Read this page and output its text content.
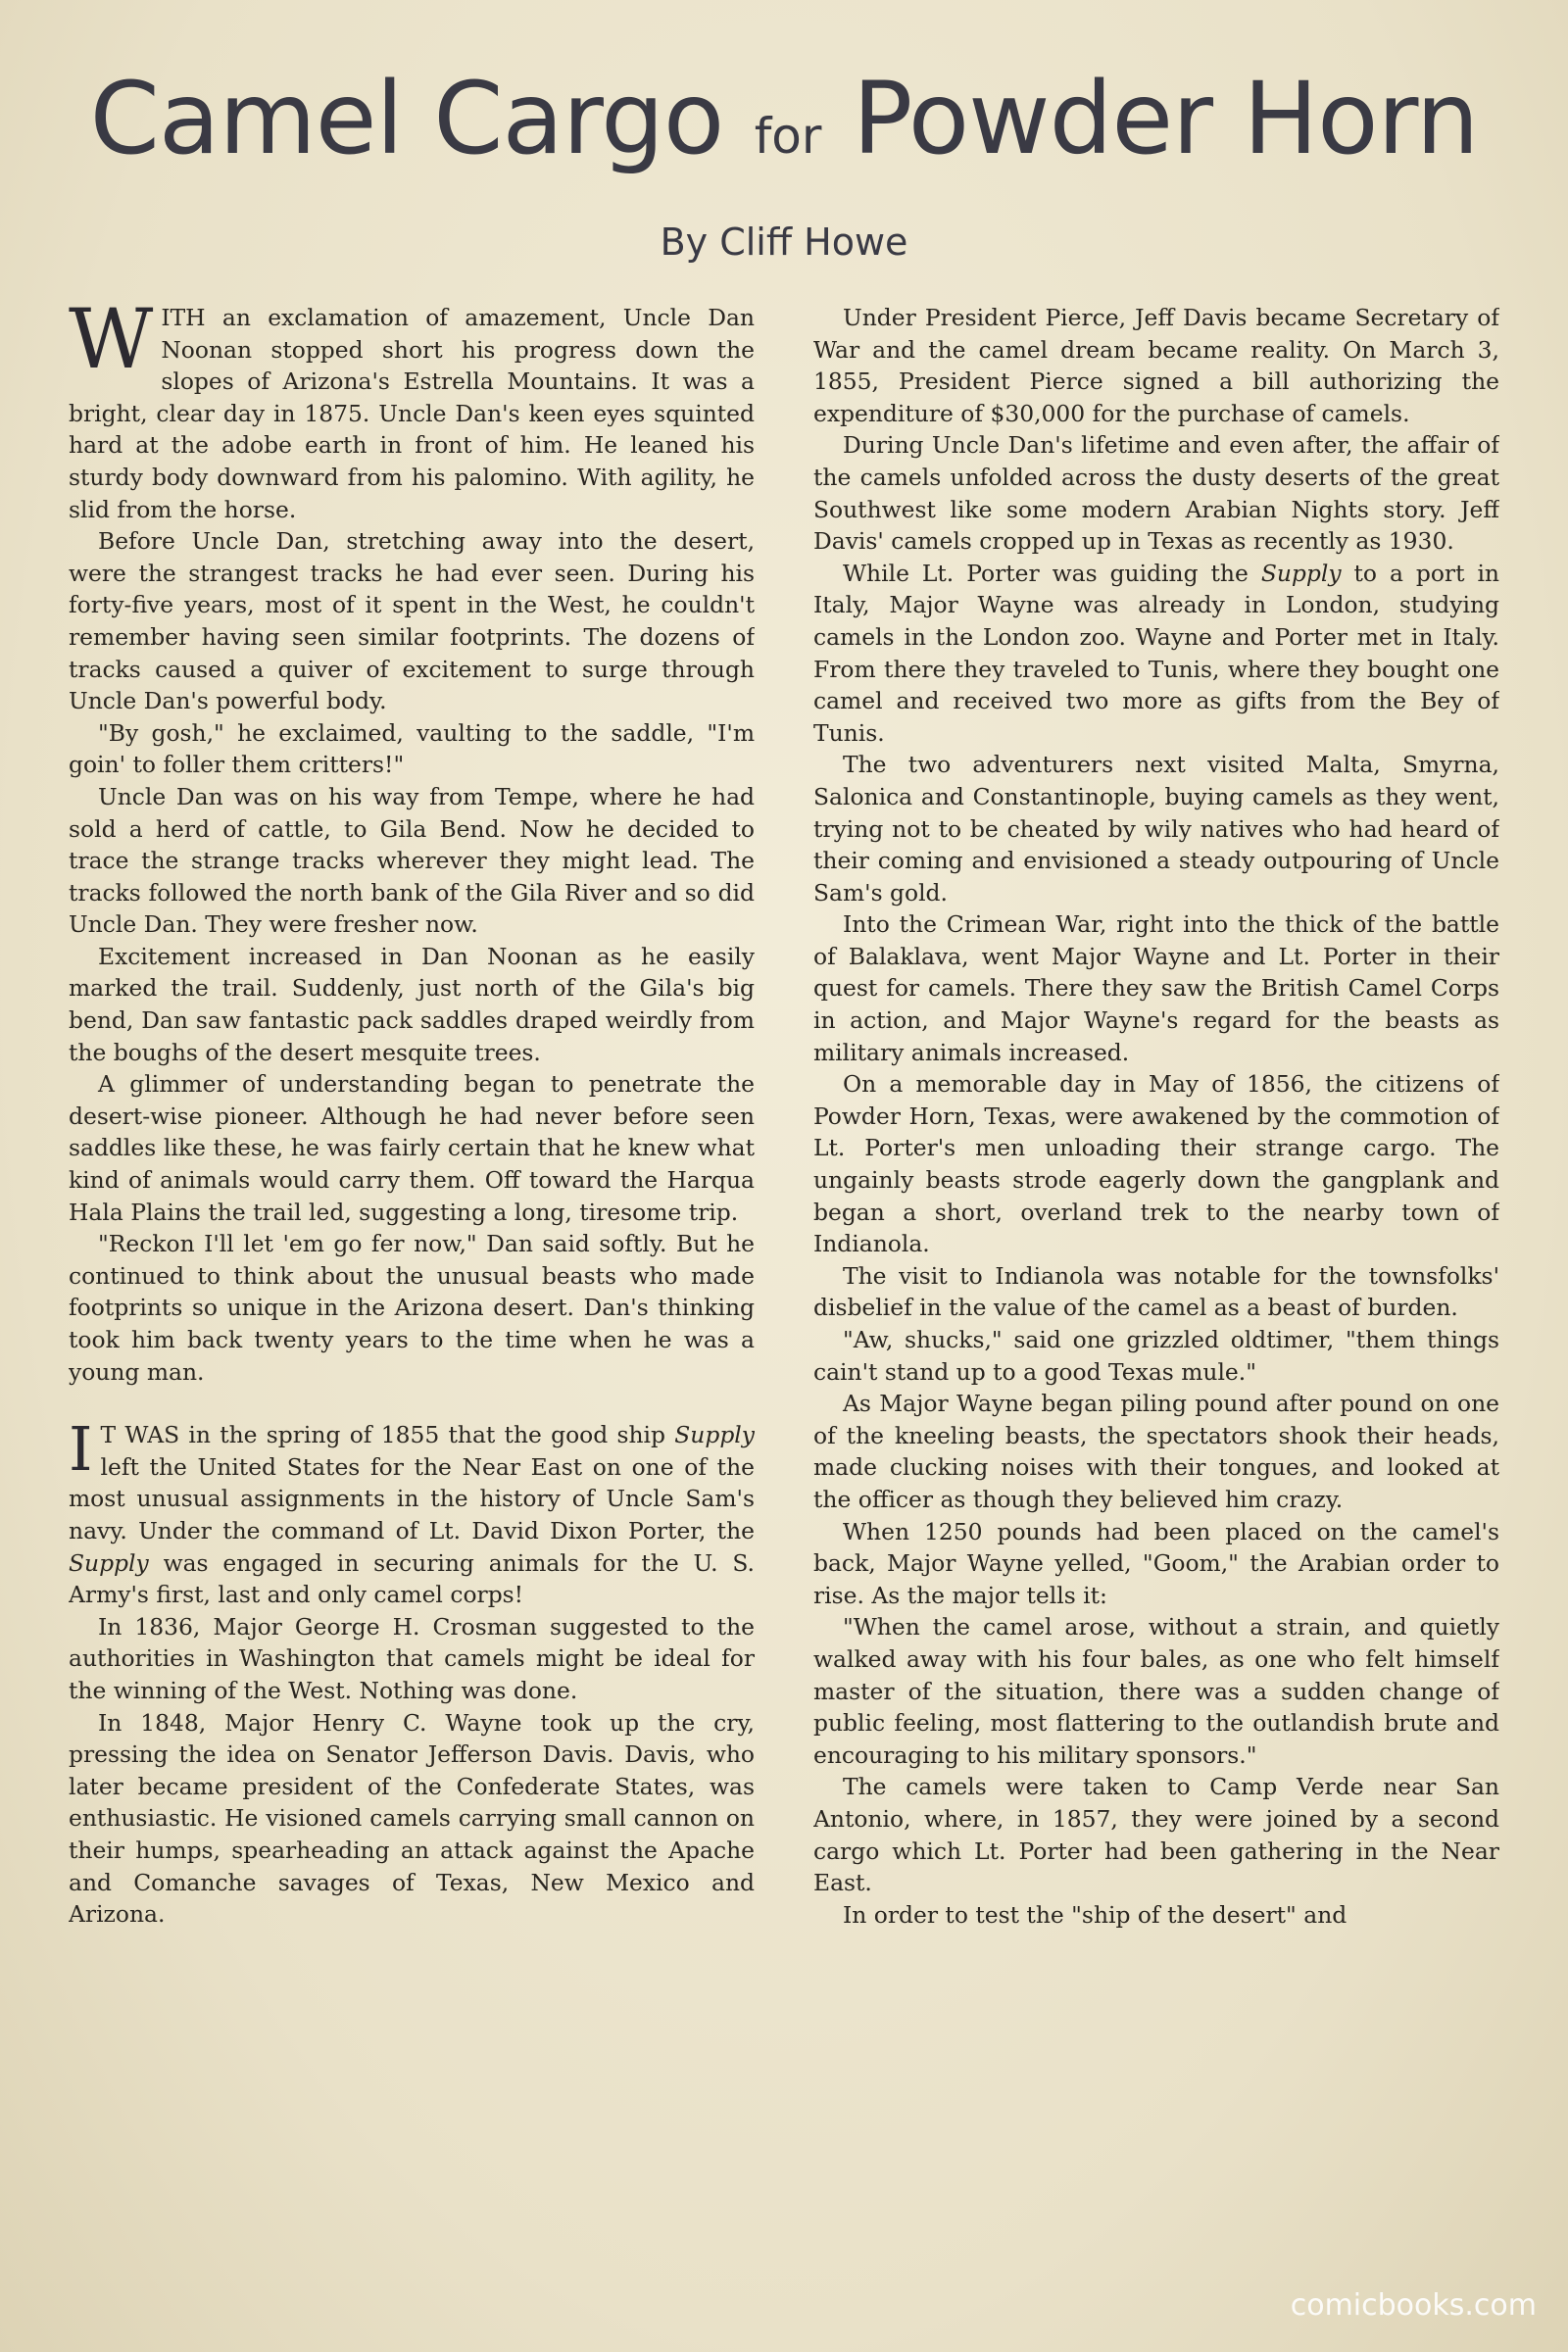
Camel Cargo for Powder Horn
By Cliff Howe

WITH an exclamation of amazement, Uncle Dan Noonan stopped short his progress down the slopes of Arizona's Estrella Mountains. It was a bright, clear day in 1875. Uncle Dan's keen eyes squinted hard at the adobe earth in front of him. He leaned his sturdy body downward from his palomino. With agility, he slid from the horse.

Before Uncle Dan, stretching away into the desert, were the strangest tracks he had ever seen. During his forty-five years, most of it spent in the West, he couldn't remember having seen similar footprints. The dozens of tracks caused a quiver of excitement to surge through Uncle Dan's powerful body.

"By gosh," he exclaimed, vaulting to the saddle, "I'm goin' to foller them critters!"

Uncle Dan was on his way from Tempe, where he had sold a herd of cattle, to Gila Bend. Now he decided to trace the strange tracks wherever they might lead. The tracks followed the north bank of the Gila River and so did Uncle Dan. They were fresher now.

Excitement increased in Dan Noonan as he easily marked the trail. Suddenly, just north of the Gila's big bend, Dan saw fantastic pack saddles draped weirdly from the boughs of the desert mesquite trees.

A glimmer of understanding began to penetrate the desert-wise pioneer. Although he had never before seen saddles like these, he was fairly certain that he knew what kind of animals would carry them. Off toward the Harqua Hala Plains the trail led, suggesting a long, tiresome trip.

"Reckon I'll let 'em go fer now," Dan said softly. But he continued to think about the unusual beasts who made footprints so unique in the Arizona desert. Dan's thinking took him back twenty years to the time when he was a young man.

I T WAS in the spring of 1855 that the good ship Supply left the United States for the Near East on one of the most unusual assignments in the history of Uncle Sam's navy. Under the command of Lt. David Dixon Porter, the Supply was engaged in securing animals for the U. S. Army's first, last and only camel corps!

In 1836, Major George H. Crosman suggested to the authorities in Washington that camels might be ideal for the winning of the West. Nothing was done.

In 1848, Major Henry C. Wayne took up the cry, pressing the idea on Senator Jefferson Davis. Davis, who later became president of the Confederate States, was enthusiastic. He visioned camels carrying small cannon on their humps, spearheading an attack against the Apache and Comanche savages of Texas, New Mexico and Arizona.

Under President Pierce, Jeff Davis became Secretary of War and the camel dream became reality. On March 3, 1855, President Pierce signed a bill authorizing the expenditure of $30,000 for the purchase of camels.

During Uncle Dan's lifetime and even after, the affair of the camels unfolded across the dusty deserts of the great Southwest like some modern Arabian Nights story. Jeff Davis' camels cropped up in Texas as recently as 1930.

While Lt. Porter was guiding the Supply to a port in Italy, Major Wayne was already in London, studying camels in the London zoo. Wayne and Porter met in Italy. From there they traveled to Tunis, where they bought one camel and received two more as gifts from the Bey of Tunis.

The two adventurers next visited Malta, Smyrna, Salonica and Constantinople, buying camels as they went, trying not to be cheated by wily natives who had heard of their coming and envisioned a steady outpouring of Uncle Sam's gold.

Into the Crimean War, right into the thick of the battle of Balaklava, went Major Wayne and Lt. Porter in their quest for camels. There they saw the British Camel Corps in action, and Major Wayne's regard for the beasts as military animals increased.

On a memorable day in May of 1856, the citizens of Powder Horn, Texas, were awakened by the commotion of Lt. Porter's men unloading their strange cargo. The ungainly beasts strode eagerly down the gangplank and began a short, overland trek to the nearby town of Indianola.

The visit to Indianola was notable for the townsfolks' disbelief in the value of the camel as a beast of burden.

"Aw, shucks," said one grizzled oldtimer, "them things cain't stand up to a good Texas mule."

As Major Wayne began piling pound after pound on one of the kneeling beasts, the spectators shook their heads, made clucking noises with their tongues, and looked at the officer as though they believed him crazy.

When 1250 pounds had been placed on the camel's back, Major Wayne yelled, "Goom," the Arabian order to rise. As the major tells it:

"When the camel arose, without a strain, and quietly walked away with his four bales, as one who felt himself master of the situation, there was a sudden change of public feeling, most flattering to the outlandish brute and encouraging to his military sponsors."

The camels were taken to Camp Verde near San Antonio, where, in 1857, they were joined by a second cargo which Lt. Porter had been gathering in the Near East.

In order to test the "ship of the desert" and

comicbooks.com
